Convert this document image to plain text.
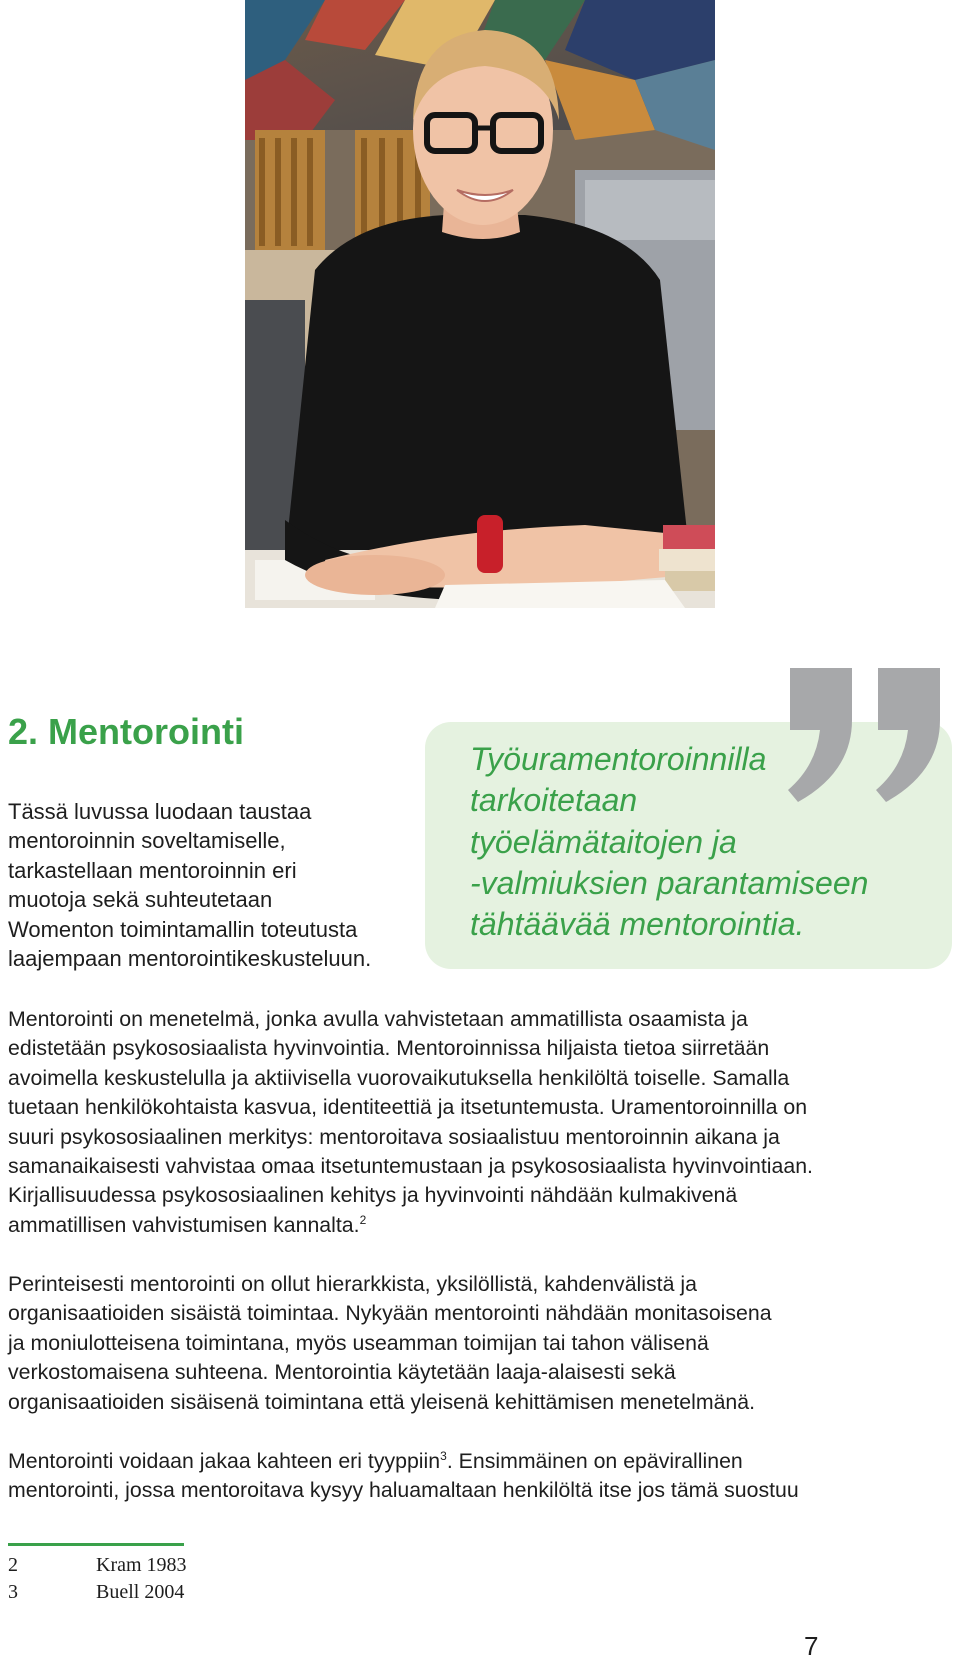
2. Mentorointi
Tässä luvussa luodaan taustaa
mentoroinnin soveltamiselle,
tarkastellaan mentoroinnin eri
muotoja sekä suhteutetaan
Womenton toimintamallin toteutusta
laajempaan mentorointikeskusteluun.
Työuramentoroinnilla
tarkoitetaan
työelämätaitojen ja
-valmiuksien parantamiseen
tähtäävää mentorointia.
Mentorointi on menetelmä, jonka avulla vahvistetaan ammatillista osaamista ja
edistetään psykososiaalista hyvinvointia. Mentoroinnissa hiljaista tietoa siirretään
avoimella keskustelulla ja aktiivisella vuorovaikutuksella henkilöltä toiselle. Samalla
tuetaan henkilökohtaista kasvua, identiteettiä ja itsetuntemusta. Uramentoroinnilla on
suuri psykososiaalinen merkitys: mentoroitava sosiaalistuu mentoroinnin aikana ja
samanaikaisesti vahvistaa omaa itsetuntemustaan ja psykososiaalista hyvinvointiaan.
Kirjallisuudessa psykososiaalinen kehitys ja hyvinvointi nähdään kulmakivenä
ammatillisen vahvistumisen kannalta.$^2$
Perinteisesti mentorointi on ollut hierarkkista, yksilöllistä, kahdenvälistä ja
organisaatioiden sisäistä toimintaa. Nykyään mentorointi nähdään monitasoisena
ja moniulotteisena toimintana, myös useamman toimijan tai tahon välisenä
verkostomaisena suhteena. Mentorointia käytetään laaja-alaisesti sekä
organisaatioiden sisäisenä toimintana että yleisenä kehittämisen menetelmänä.
Mentorointi voidaan jakaa kahteen eri tyyppiin$^3$. Ensimmäinen on epävirallinen
mentorointi, jossa mentoroitava kysyy haluamaltaan henkilöltä itse jos tämä suostuu
2	Kram 1983
3	Buell 2004
7
